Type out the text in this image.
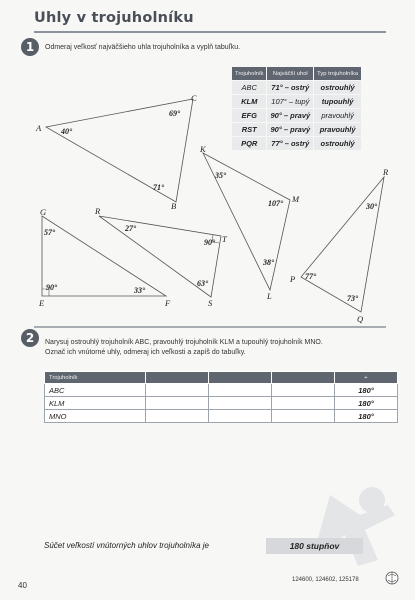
Uhly v trojuholníku
1	Odmeraj veľkosť najväčšieho uhla trojuholníka a vyplň tabuľku.
Trojuholník	Najväčší uhol	Typ trojuholníka
ABC	71° – ostrý	ostrouhlý
KLM	107° – tupý	tupouhlý
EFG	90° – pravý	pravouhlý
RST	90° – pravý	pravouhlý
PQR	77° – ostrý	ostrouhlý
A
B
C
G
E	F
R
T
S
K
M
L
R
P
Q
40°
71°
69°
57°
90°	33°
27°
90°
63°
35°
107°
38°
30°
77°
73°
2	Narysuj ostrouhlý trojuholník ABC, pravouhlý trojuholník KLM a tupouhlý trojuholník MNO.
Označ ich vnútorné uhly, odmeraj ich veľkosti a zapíš do tabuľky.
Trojuholník				+
ABC				180°
KLM				180°
MNO				180°
Súčet veľkostí vnútorných uhlov trojuholníka je	180 stupňov
40
124600, 124602, 125178
